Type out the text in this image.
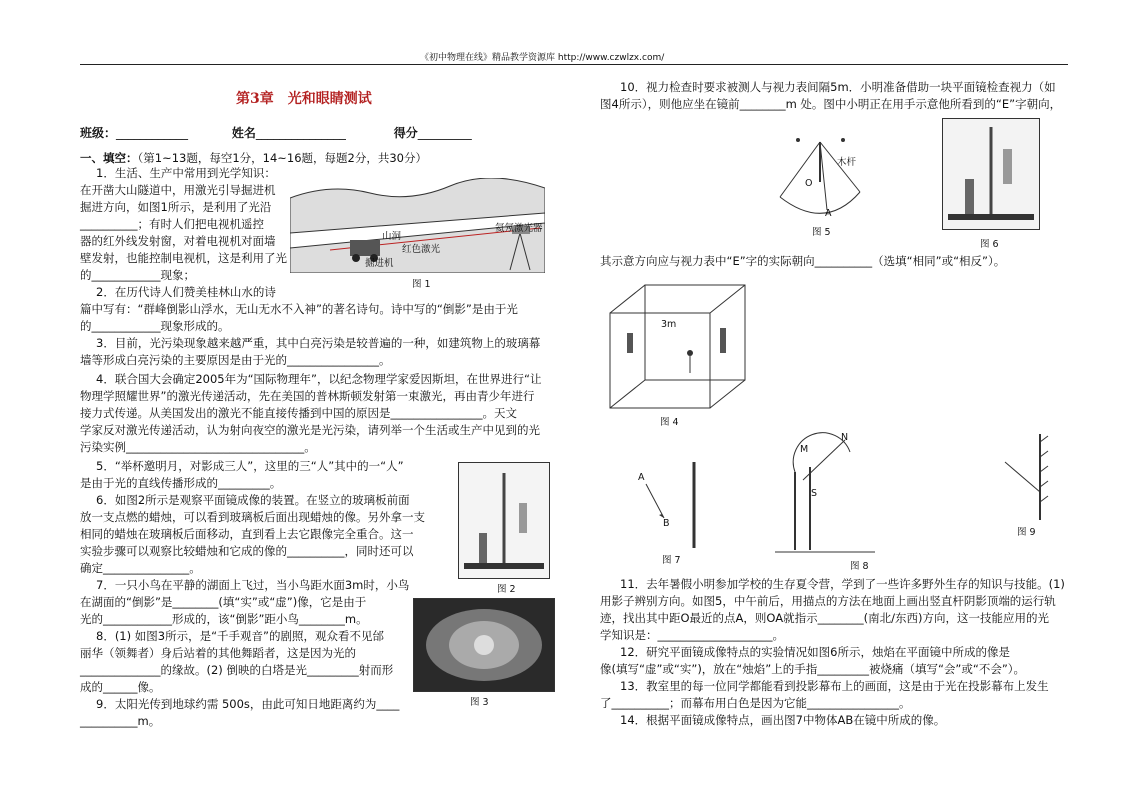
《初中物理在线》精品教学资源库 http://www.czwlzx.com/
第3章　光和眼睛测试
班级：____________	姓名_______________	得分_________
一、填空：（第1~13题，每空1分，14~16题，每题2分，共30分）
1．生活、生产中常用到光学知识：
在开凿大山隧道中，用激光引导掘进机
掘进方向，如图1所示，是利用了光沿
__________；有时人们把电视机遥控
器的红外线发射窗，对着电视机对面墙
壁发射，也能控制电视机，这是利用了光
的____________现象；
2．在历代诗人们赞美桂林山水的诗
篇中写有：“群峰倒影山浮水，无山无水不入神”的著名诗句。诗中写的“倒影”是由于光
的____________现象形成的。
3．目前，光污染现象越来越严重，其中白亮污染是较普遍的一种，如建筑物上的玻璃幕
墙等形成白亮污染的主要原因是由于光的________________。
4．联合国大会确定2005年为“国际物理年”，以纪念物理学家爱因斯坦，在世界进行“让
物理学照耀世界”的激光传递活动，先在美国的普林斯顿发射第一束激光，再由青少年进行
接力式传递。从美国发出的激光不能直接传播到中国的原因是________________。天文
学家反对激光传递活动，认为射向夜空的激光是光污染，请列举一个生活或生产中见到的光
污染实例_______________________________。
5．“举杯邀明月，对影成三人”，这里的三“人”其中的一“人”
是由于光的直线传播形成的_________。
6．如图2所示是观察平面镜成像的装置。在竖立的玻璃板前面
放一支点燃的蜡烛，可以看到玻璃板后面出现蜡烛的像。另外拿一支
相同的蜡烛在玻璃板后面移动，直到看上去它跟像完全重合。这一
实验步骤可以观察比较蜡烛和它成的像的__________，同时还可以
确定_______________。
7．一只小鸟在平静的湖面上飞过，当小鸟距水面3m时，小鸟
在湖面的“倒影”是________(填“实”或“虚”)像，它是由于
光的____________形成的，该“倒影”距小鸟________m。
8．(1) 如图3所示，是“千手观音”的剧照，观众看不见邰
丽华（领舞者）身后站着的其他舞蹈者，这是因为光的
______________的缘故。(2) 倒映的白塔是光_________射而形
成的______像。
9．太阳光传到地球约需 500s，由此可知日地距离约为____
__________m。
山洞
红色激光
掘进机
氦氖激光器
图 1
图 2
图 3
10．视力检查时要求被测人与视力表间隔5m．小明准备借助一块平面镜检查视力（如
图4所示），则他应坐在镜前________m 处。图中小明正在用手示意他所看到的“E”字朝向，
O
A
木杆
图 5
图 6
其示意方向应与视力表中“E”字的实际朝向__________（选填“相同”或“相反”）。
3m
图 4
A
B
图 7
N
S
M
图 8
图 9
11．去年暑假小明参加学校的生存夏令营，学到了一些许多野外生存的知识与技能。(1)
用影子辨别方向。如图5，中午前后，用描点的方法在地面上画出竖直杆阴影顶端的运行轨
迹，找出其中距O最近的点A，则OA就指示________(南北/东西)方向，这一技能应用的光
学知识是：____________________。
12．研究平面镜成像特点的实验情况如图6所示，烛焰在平面镜中所成的像是
像(填写“虚”或“实”)，放在“烛焰”上的手指_________被烧痛（填写“会”或“不会”）。
13．教室里的每一位同学都能看到投影幕布上的画面，这是由于光在投影幕布上发生
了__________；而幕布用白色是因为它能________________。
14．根据平面镜成像特点，画出图7中物体AB在镜中所成的像。
